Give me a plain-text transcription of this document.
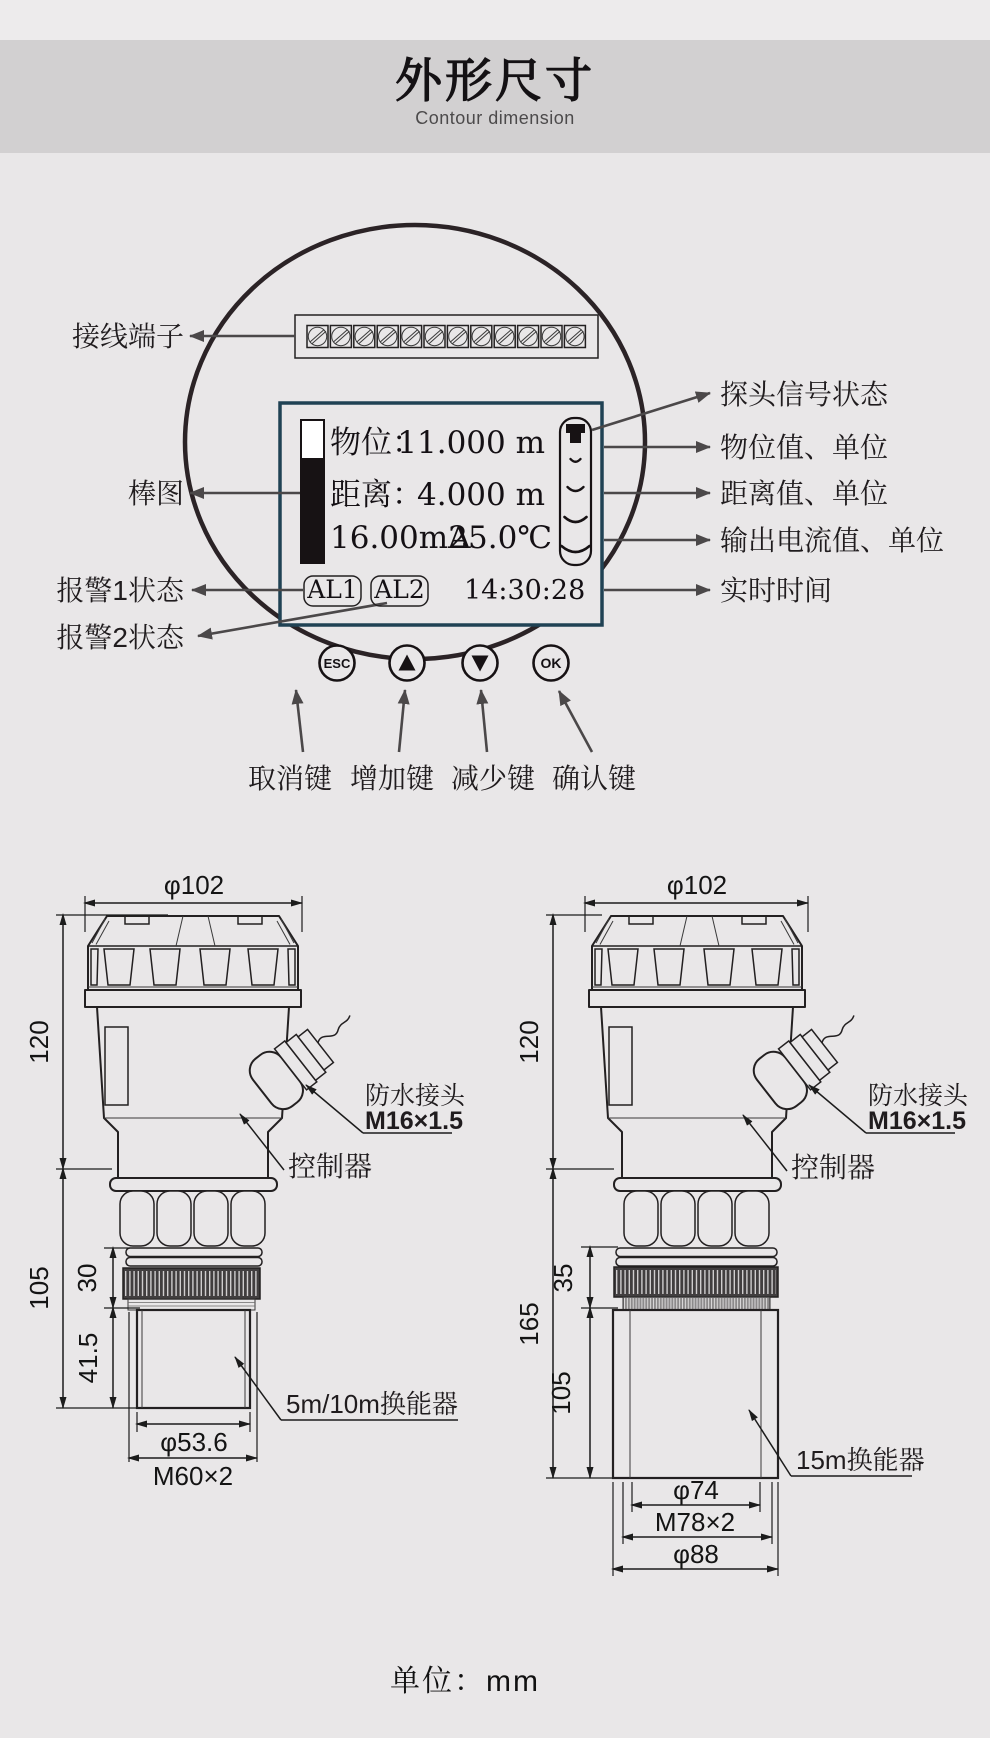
外形尺寸

Contour dimension

物位：
11.000 m
距离：
4.000 m
16.00mA
25.0℃
AL1 AL2 14:30:28
ESC	OK
接线端子
棒图
报警1状态
报警2状态
探头信号状态
物位值、单位
距离值、单位
输出电流值、单位
实时时间
取消键 增加键 减少键 确认键
φ102
120
105 30
41.5
φ53.6
M60×2
防水接头
M16×1.5
控制器
5m/10m换能器
φ102
120
165
35
105
φ74
M78×2
φ88
防水接头
M16×1.5
控制器
15m换能器
单位：mm
